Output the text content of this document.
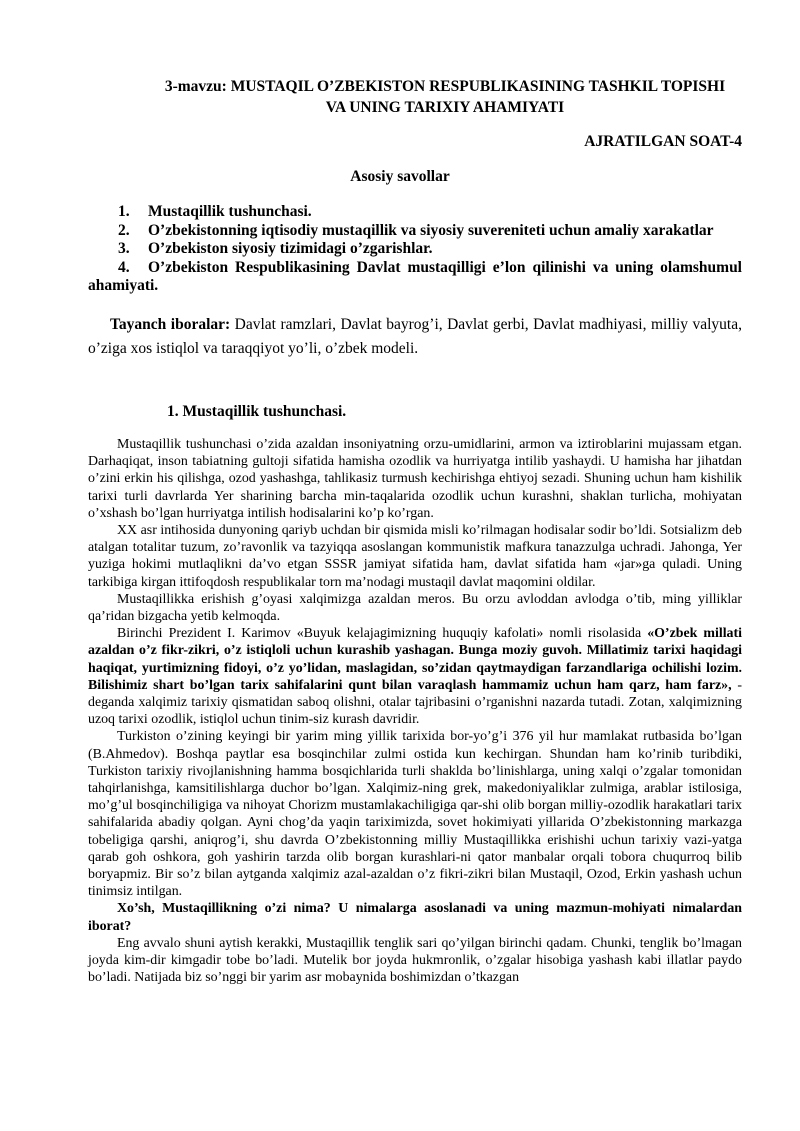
3-mavzu: MUSTAQIL O’ZBEKISTON RESPUBLIKASINING TASHKIL TOPISHI
VA UNING TARIXIY AHAMIYATI
AJRATILGAN SOAT-4
Asosiy savollar

1. Mustaqillik tushunchasi.

2. O’zbekistonning iqtisodiy mustaqillik va siyosiy suvereniteti uchun amaliy xarakatlar

3. O’zbekiston siyosiy tizimidagi o’zgarishlar.

4. O’zbekiston Respublikasining Davlat mustaqilligi e’lon qilinishi va uning olamshumul ahamiyati.

Tayanch iboralar: Davlat ramzlari, Davlat bayrog’i, Davlat gerbi, Davlat madhiyasi, milliy valyuta, o’ziga xos istiqlol va taraqqiyot yo’li, o’zbek modeli.

1. Mustaqillik tushunchasi.

Mustaqillik tushunchasi o’zida azaldan insoniyatning orzu-umidlarini, armon va iztiroblarini mujassam etgan. Darhaqiqat, inson tabiatning gultoji sifatida hamisha ozodlik va hurriyatga intilib yashaydi. U hamisha har jihatdan o’zini erkin his qilishga, ozod yashashga, tahlikasiz turmush kechirishga ehtiyoj sezadi. Shuning uchun ham kishilik tarixi turli davrlarda Yer sharining barcha min-taqalarida ozodlik uchun kurashni, shaklan turlicha, mohiyatan o’xshash bo’lgan hurriyatga intilish hodisalarini ko’p ko’rgan.

XX asr intihosida dunyoning qariyb uchdan bir qismida misli ko’rilmagan hodisalar sodir bo’ldi. Sotsializm deb atalgan totalitar tuzum, zo’ravonlik va tazyiqqa asoslangan kommunistik mafkura tanazzulga uchradi. Jahonga, Yer yuziga hokimi mutlaqlikni da’vo etgan SSSR jamiyat sifatida ham, davlat sifatida ham «jar»ga quladi. Uning tarkibiga kirgan ittifoqdosh respublikalar torn ma’nodagi mustaqil davlat maqomini oldilar.

Mustaqillikka erishish g’oyasi xalqimizga azaldan meros. Bu orzu avloddan avlodga o’tib, ming yilliklar qa’ridan bizgacha yetib kelmoqda.

Birinchi Prezident I. Karimov «Buyuk kelajagimizning huquqiy kafolati» nomli risolasida «O’zbek millati azaldan o’z fikr-zikri, o’z istiqloli uchun kurashib yashagan. Bunga moziy guvoh. Millatimiz tarixi haqidagi haqiqat, yurtimizning fidoyi, o’z yo’lidan, maslagidan, so’zidan qaytmaydigan farzandlariga ochilishi lozim. Bilishimiz shart bo’lgan tarix sahifalarini qunt bilan varaqlash hammamiz uchun ham qarz, ham farz», - deganda xalqimiz tarixiy qismatidan saboq olishni, otalar tajribasini o’rganishni nazarda tutadi. Zotan, xalqimizning uzoq tarixi ozodlik, istiqlol uchun tinim-siz kurash davridir.

Turkiston o’zining keyingi bir yarim ming yillik tarixida bor-yo’g’i 376 yil hur mamlakat rutbasida bo’lgan (B.Ahmedov). Boshqa paytlar esa bosqinchilar zulmi ostida kun kechirgan. Shundan ham ko’rinib turibdiki, Turkiston tarixiy rivojlanishning hamma bosqichlarida turli shaklda bo’linishlarga, uning xalqi o’zgalar tomonidan tahqirlanishga, kamsitilishlarga duchor bo’lgan. Xalqimiz-ning grek, makedoniyaliklar zulmiga, arablar istilosiga, mo’g’ul bosqinchiligiga va nihoyat Chorizm mustamlakachiligiga qar-shi olib borgan milliy-ozodlik harakatlari tarix sahifalarida abadiy qolgan. Ayni chog’da yaqin tariximizda, sovet hokimiyati yillarida O’zbekistonning markazga tobeligiga qarshi, aniqrog’i, shu davrda O’zbekistonning milliy Mustaqillikka erishishi uchun tarixiy vazi-yatga qarab goh oshkora, goh yashirin tarzda olib borgan kurashlari-ni qator manbalar orqali tobora chuqurroq bilib boryapmiz. Bir so’z bilan aytganda xalqimiz azal-azaldan o’z fikri-zikri bilan Mustaqil, Ozod, Erkin yashash uchun tinimsiz intilgan.

Xo’sh, Mustaqillikning o’zi nima? U nimalarga asoslanadi va uning mazmun-mohiyati nimalardan iborat?

Eng avvalo shuni aytish kerakki, Mustaqillik tenglik sari qo’yilgan birinchi qadam. Chunki, tenglik bo’lmagan joyda kim-dir kimgadir tobe bo’ladi. Mutelik bor joyda hukmronlik, o’zgalar hisobiga yashash kabi illatlar paydo bo’ladi. Natijada biz so’nggi bir yarim asr mobaynida boshimizdan o’tkazgan
